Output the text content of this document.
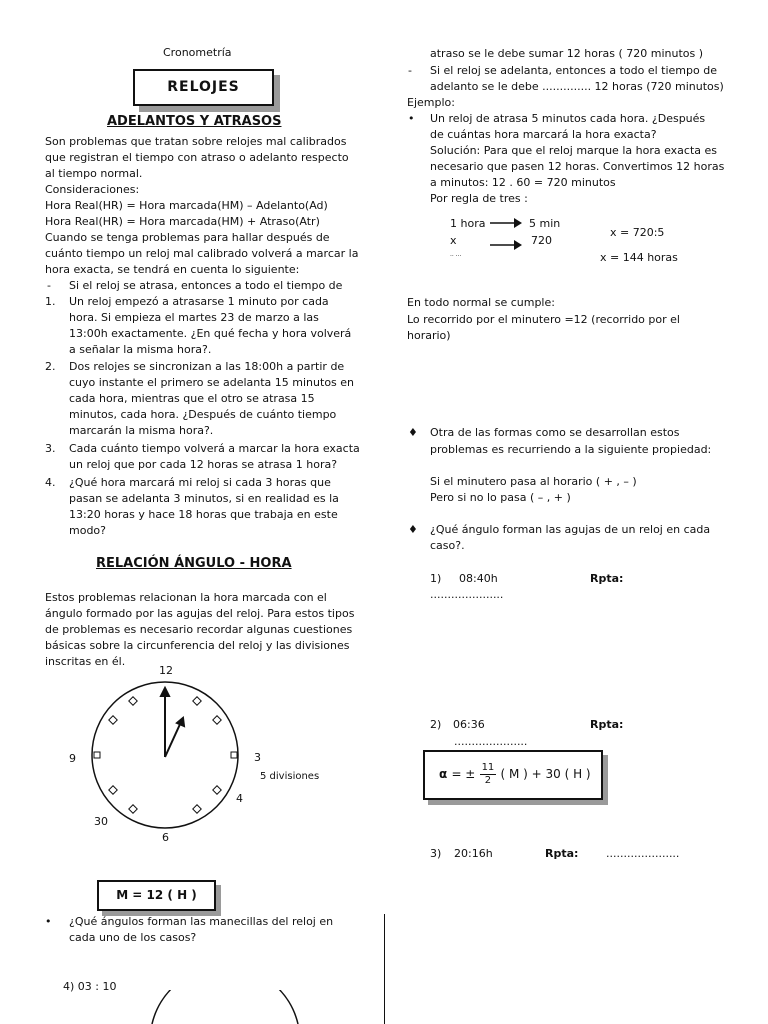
Cronometría
RELOJES
ADELANTOS Y ATRASOS
Son problemas que tratan sobre relojes mal calibrados
que registran el tiempo con atraso o adelanto respecto
al tiempo normal.
Consideraciones:
Hora Real(HR) = Hora marcada(HM) – Adelanto(Ad)
Hora Real(HR) = Hora marcada(HM) + Atraso(Atr)
Cuando se tenga problemas para hallar después de
cuánto tiempo un reloj mal calibrado volverá a marcar la
hora exacta, se tendrá en cuenta lo siguiente:
- Si el reloj se atrasa, entonces a todo el tiempo de
1. Un reloj empezó a atrasarse 1 minuto por cada
hora. Si empieza el martes 23 de marzo a las
13:00h exactamente. ¿En qué fecha y hora volverá
a señalar la misma hora?.
2. Dos relojes se sincronizan a las 18:00h a partir de
cuyo instante el primero se adelanta 15 minutos en
cada hora, mientras que el otro se atrasa 15
minutos, cada hora. ¿Después de cuánto tiempo
marcarán la misma hora?.
3. Cada cuánto tiempo volverá a marcar la hora exacta
un reloj que por cada 12 horas se atrasa 1 hora?
4. ¿Qué hora marcará mi reloj si cada 3 horas que
pasan se adelanta 3 minutos, si en realidad es la
13:20 horas y hace 18 horas que trabaja en este
modo?
RELACIÓN ÁNGULO - HORA
Estos problemas relacionan la hora marcada con el
ángulo formado por las agujas del reloj. Para estos tipos
de problemas es necesario recordar algunas cuestiones
básicas sobre la circunferencia del reloj y las divisiones
inscritas en él.
12
3
9
4
30
6
5 divisiones
M = 12 ( H )
• ¿Qué ángulos forman las manecillas del reloj en
cada uno de los casos?
4) 03 : 10
atraso se le debe sumar 12 horas ( 720 minutos )
- Si el reloj se adelanta, entonces a todo el tiempo de
adelanto se le debe .............. 12 horas (720 minutos)
Ejemplo:
• Un reloj de atrasa 5 minutos cada hora. ¿Después
de cuántas hora marcará la hora exacta?
Solución: Para que el reloj marque la hora exacta es
necesario que pasen 12 horas. Convertimos 12 horas
a minutos: 12 . 60 = 720 minutos
Por regla de tres :
1 hora	5 min
x	720
.. ...
x = 720:5
x = 144 horas
En todo normal se cumple:
Lo recorrido por el minutero =12 (recorrido por el
horario)
♦ Otra de las formas como se desarrollan estos
problemas es recurriendo a la siguiente propiedad:
Si el minutero pasa al horario ( + , – )
Pero si no lo pasa ( – , + )
♦ ¿Qué ángulo forman las agujas de un reloj en cada
caso?.
1) 08:40h	Rpta:
.....................
2) 06:36	Rpta:
.....................
α = ± $\frac{11}{2}$ ( M ) + 30 ( H )
3) 20:16h	Rpta:	.....................
